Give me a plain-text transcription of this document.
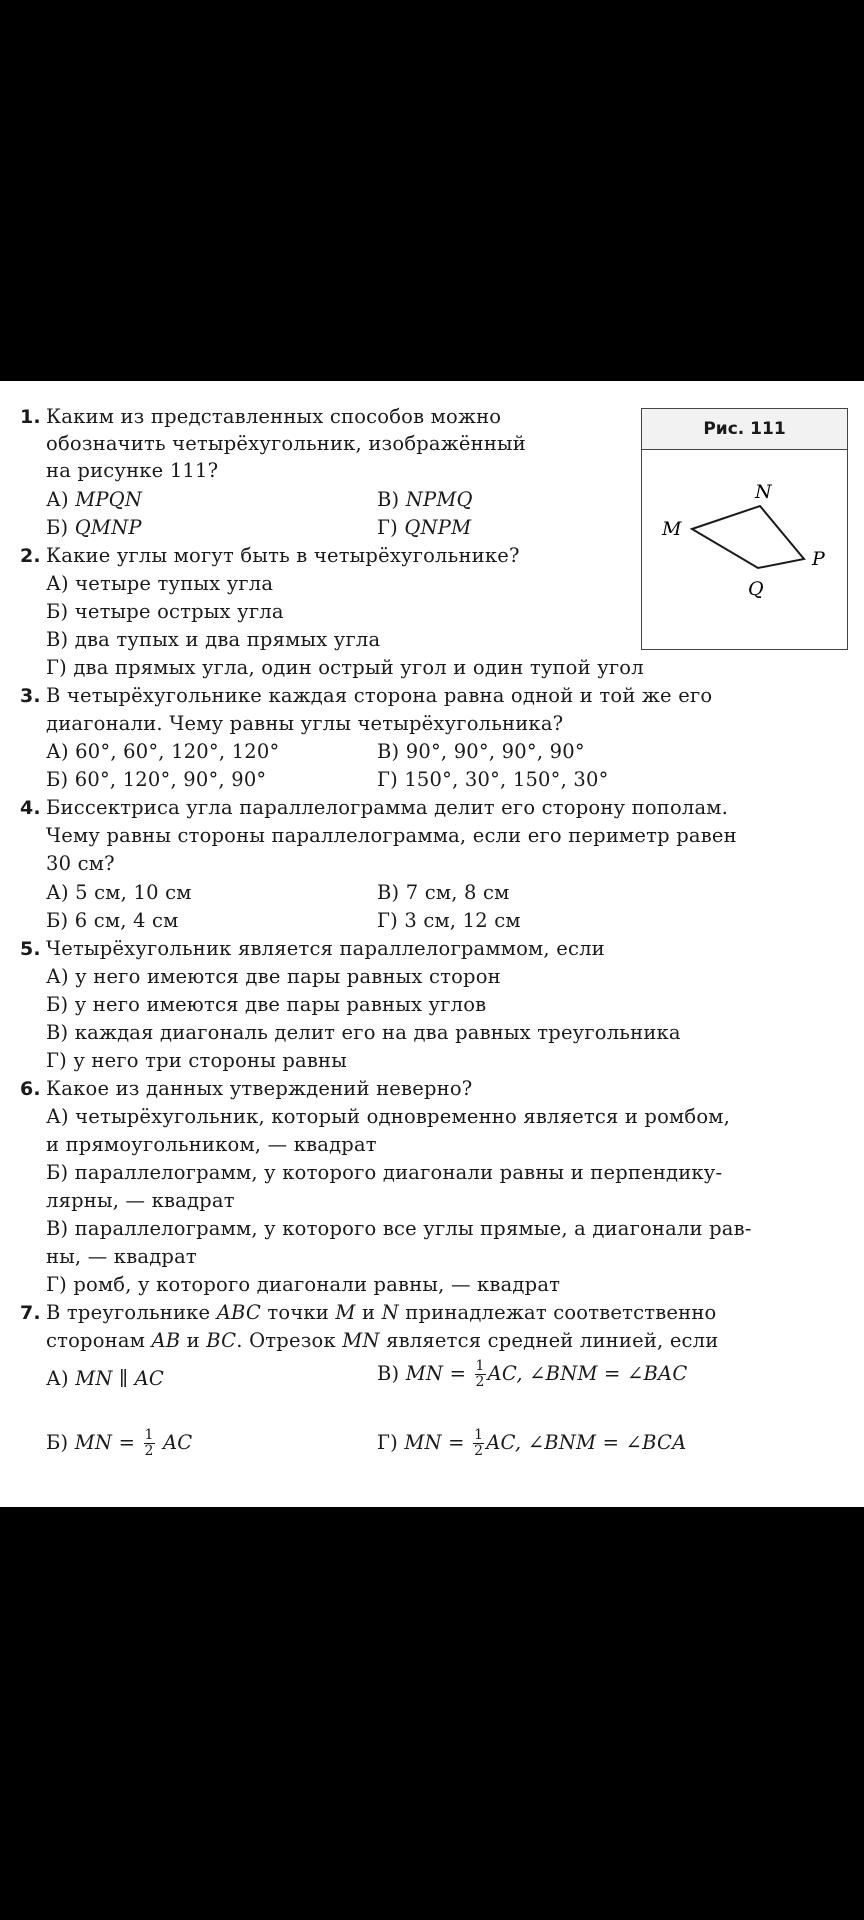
Рис. 111
N
M
P
Q
1. Каким из представленных способов можно
обозначить четырёхугольник, изображённый
на рисунке 111?
А) MPQN	В) NPMQ
Б) QMNP	Г) QNPM
2. Какие углы могут быть в четырёхугольнике?
А) четыре тупых угла
Б) четыре острых угла
В) два тупых и два прямых угла
Г) два прямых угла, один острый угол и один тупой угол
3. В четырёхугольнике каждая сторона равна одной и той же его
диагонали. Чему равны углы четырёхугольника?
А) 60°, 60°, 120°, 120°	В) 90°, 90°, 90°, 90°
Б) 60°, 120°, 90°, 90°	Г) 150°, 30°, 150°, 30°
4. Биссектриса угла параллелограмма делит его сторону пополам.
Чему равны стороны параллелограмма, если его периметр равен
30 см?
А) 5 см, 10 см	В) 7 см, 8 см
Б) 6 см, 4 см	Г) 3 см, 12 см
5. Четырёхугольник является параллелограммом, если
А) у него имеются две пары равных сторон
Б) у него имеются две пары равных углов
В) каждая диагональ делит его на два равных треугольника
Г) у него три стороны равны
6. Какое из данных утверждений неверно?
А) четырёхугольник, который одновременно является и ромбом,
и прямоугольником, — квадрат
Б) параллелограмм, у которого диагонали равны и перпендику-
лярны, — квадрат
В) параллелограмм, у которого все углы прямые, а диагонали рав-
ны, — квадрат
Г) ромб, у которого диагонали равны, — квадрат
7. В треугольнике ABC точки M и N принадлежат соответственно
сторонам AB и BC. Отрезок MN является средней линией, если
А) MN ∥ AC	В) MN = $\frac{1}{2}$ AC, ∠BNM = ∠BAC
Б) MN = $\frac{1}{2}$ AC	Г) MN = $\frac{1}{2}$ AC, ∠BNM = ∠BCA
